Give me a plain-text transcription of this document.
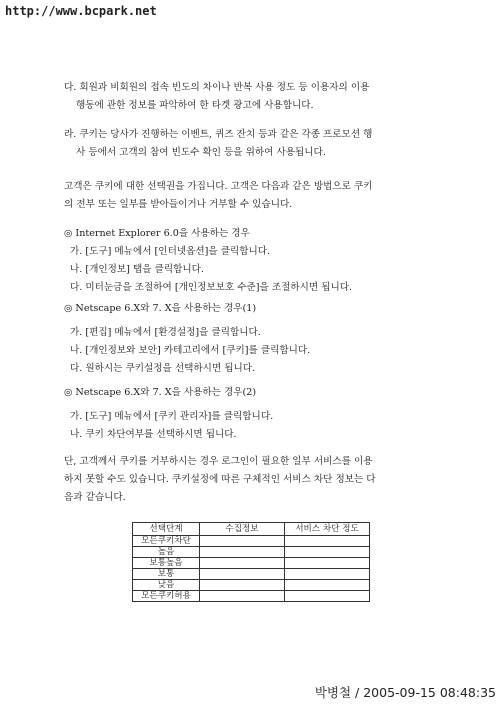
http://www.bcpark.net
다. 회원과 비회원의 접속 빈도의 차이나 반복 사용 정도 등 이용자의 이용
행동에 관한 정보를 파악하여 한 타겟 광고에 사용합니다.
라. 쿠키는 당사가 진행하는 이벤트, 퀴즈 잔치 등과 같은 각종 프로모션 행
사 등에서 고객의 참여 빈도수 확인 등을 위하여 사용됩니다.
고객은 쿠키에 대한 선택권을 가집니다. 고객은 다음과 같은 방법으로 쿠키
의 전부 또는 일부를 받아들이거나 거부할 수 있습니다.
◎ Internet Explorer 6.0을 사용하는 경우
가. [도구] 메뉴에서 [인터넷옵션]을 클릭합니다.
나. [개인정보] 탭을 클릭합니다.
다. 미터눈금을 조절하여 [개인정보보호 수준]을 조절하시면 됩니다.
◎ Netscape 6.X와 7. X을 사용하는 경우(1)
가. [편집] 메뉴에서 [환경설정]을 클릭합니다.
나. [개인정보와 보안] 카테고리에서 [쿠키]를 클릭합니다.
다. 원하시는 쿠키설정을 선택하시면 됩니다.
◎ Netscape 6.X와 7. X을 사용하는 경우(2)
가. [도구] 메뉴에서 [쿠키 관리자]를 클릭합니다.
나. 쿠키 차단여부를 선택하시면 됩니다.
단, 고객께서 쿠키를 거부하시는 경우 로그인이 필요한 일부 서비스를 이용
하지 못할 수도 있습니다. 쿠키설정에 따른 구체적인 서비스 차단 정보는 다
음과 같습니다.
선택단계	수집정보	서비스 차단 정도
모든쿠키차단		
높음		
보통높음		
보통		
낮음		
모든쿠키허용		
박병철 / 2005-09-15 08:48:35
